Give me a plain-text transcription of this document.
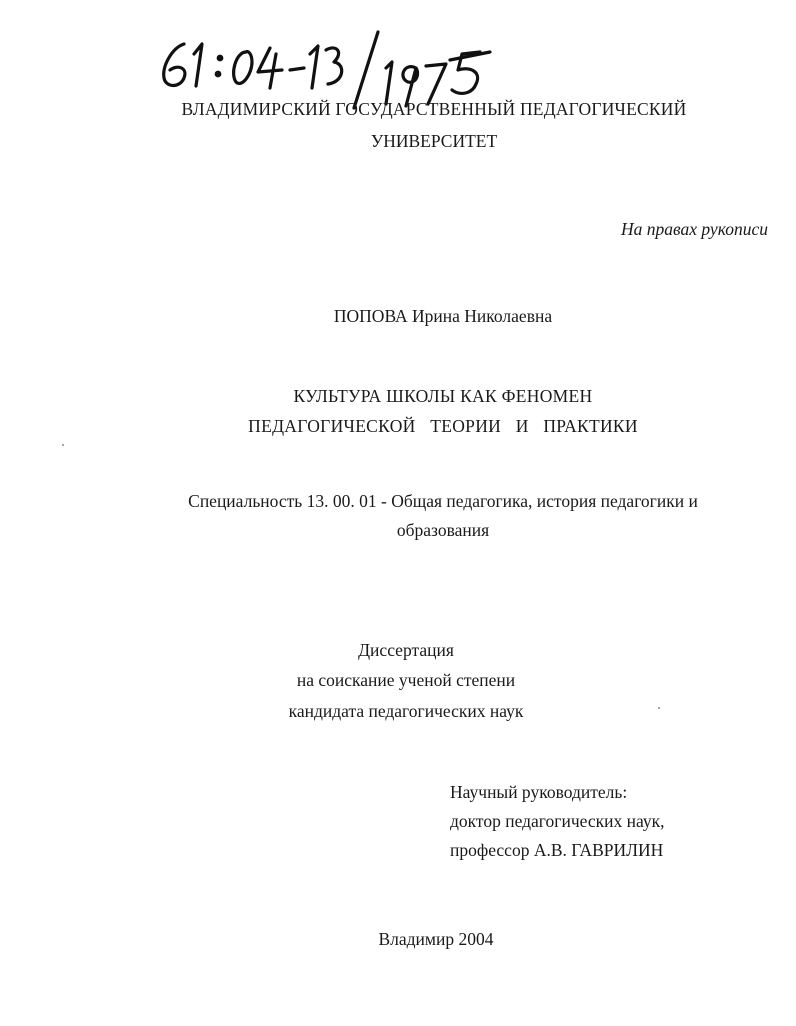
ВЛАДИМИРСКИЙ ГОСУДАРСТВЕННЫЙ ПЕДАГОГИЧЕСКИЙ
УНИВЕРСИТЕТ
На правах рукописи
ПОПОВА Ирина Николаевна
КУЛЬТУРА ШКОЛЫ КАК ФЕНОМЕН
ПЕДАГОГИЧЕСКОЙ ТЕОРИИ И ПРАКТИКИ
Специальность 13. 00. 01 - Общая педагогика, история педагогики и
образования
Диссертация
на соискание ученой степени
кандидата педагогических наук
Научный руководитель:
доктор педагогических наук,
профессор А.В. ГАВРИЛИН
Владимир 2004
